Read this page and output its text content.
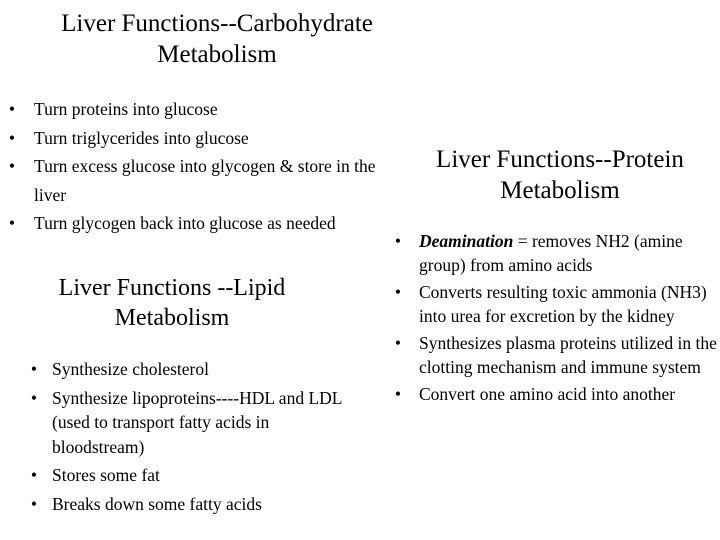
Liver Functions--Carbohydrate Metabolism
• Turn proteins into glucose
• Turn triglycerides into glucose
• Turn excess glucose into glycogen & store in the liver
• Turn glycogen back into glucose as needed
Liver Functions--Protein Metabolism
• Deamination = removes NH2 (amine group) from amino acids
• Converts resulting toxic ammonia (NH3) into urea for excretion by the kidney
• Synthesizes plasma proteins utilized in the clotting mechanism and immune system
• Convert one amino acid into another
Liver Functions --Lipid Metabolism
• Synthesize cholesterol
• Synthesize lipoproteins----HDL and LDL (used to transport fatty acids in bloodstream)
• Stores some fat
• Breaks down some fatty acids
